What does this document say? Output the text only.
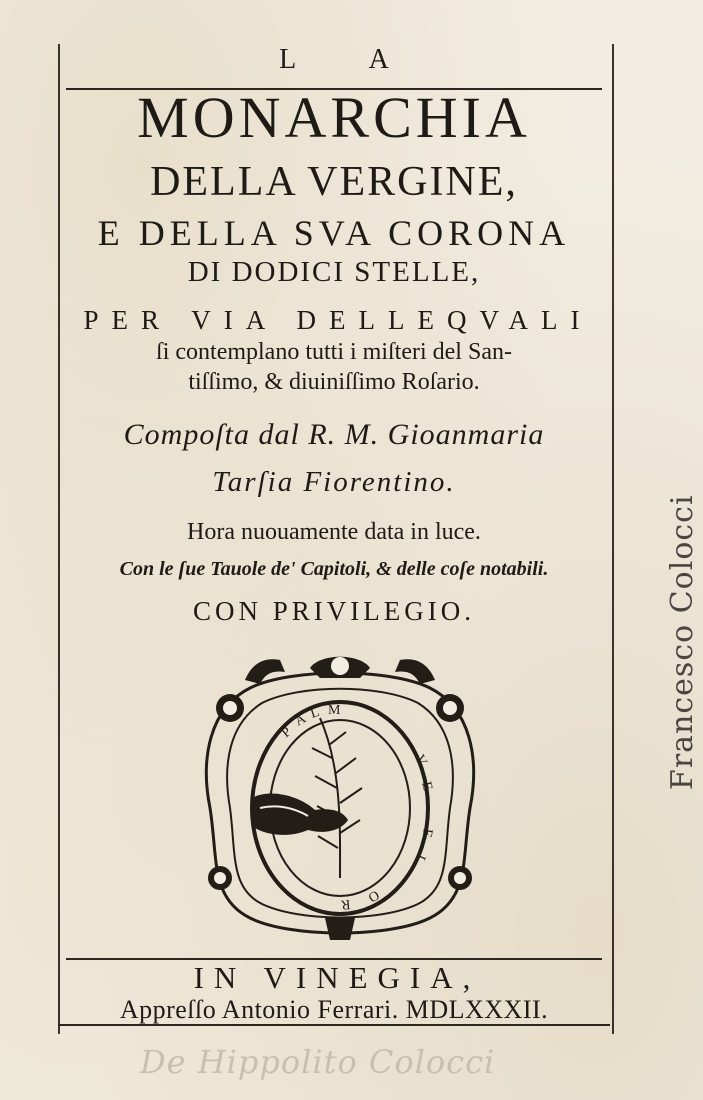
L A
MONARCHIA
DELLA VERGINE,
E DELLA SVA CORONA
DI DODICI STELLE,
PER VIA DELLEQVALI
ſi contemplano tutti i miſteri del San-
tiſſimo, & diuiniſſimo Roſario.
Compoſta dal R. M. Gioanmaria
Tarſia Fiorentino.
Hora nuouamente data in luce.
Con le ſue Tauole de' Capitoli, & delle coſe notabili.
CON PRIVILEGIO.
P
A L M
V
E
F
L
O
R
IN VINEGIA,
Appreſſo Antonio Ferrari. MDLXXXII.
Francesco Colocci
De Hippolito Colocci
